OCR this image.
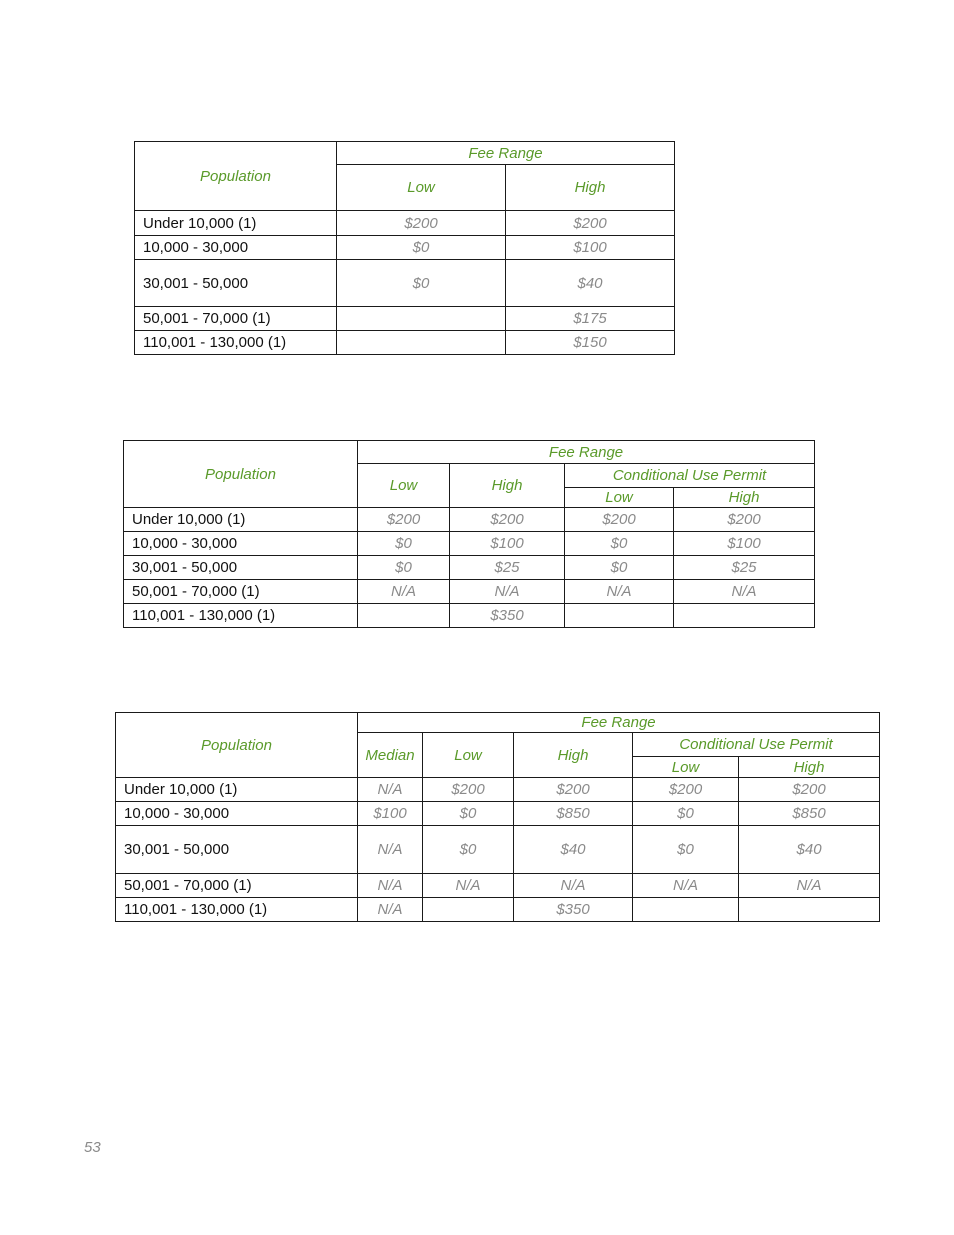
Population	Fee Range	
	Low	High
Under 10,000 (1)	$200	$200
10,000 - 30,000	$0	$100
30,001 - 50,000	$0	$40
50,001 - 70,000 (1)		$175
110,001 - 130,000 (1)		$150
Population	Fee Range			
	Low	High	Conditional Use Permit	
			Low	High
Under 10,000 (1)	$200	$200	$200	$200
10,000 - 30,000	$0	$100	$0	$100
30,001 - 50,000	$0	$25	$0	$25
50,001 - 70,000 (1)	N/A	N/A	N/A	N/A
110,001 - 130,000 (1)		$350		
Population	Fee Range				
	Median	Low	High	Conditional Use Permit	
				Low	High
Under 10,000 (1)	N/A	$200	$200	$200	$200
10,000 - 30,000	$100	$0	$850	$0	$850
30,001 - 50,000	N/A	$0	$40	$0	$40
50,001 - 70,000 (1)	N/A	N/A	N/A	N/A	N/A
110,001 - 130,000 (1)	N/A		$350		
53
